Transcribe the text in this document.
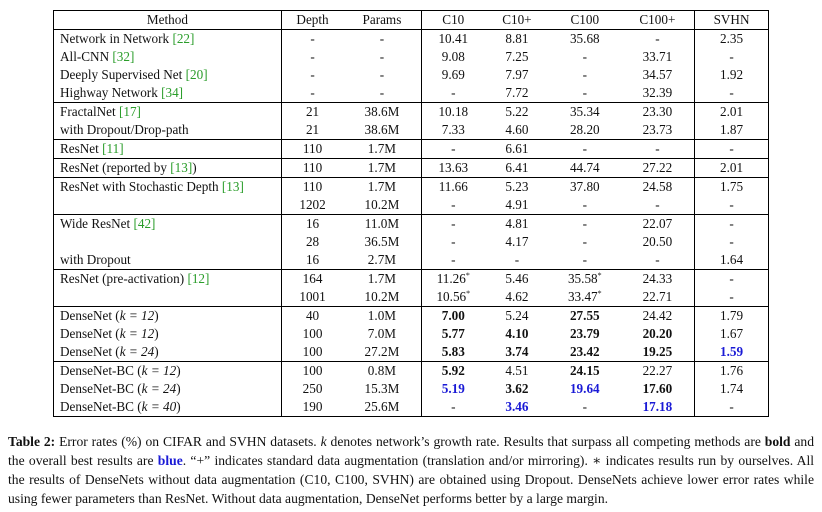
Method	Depth	Params	C10	C10+	C100	C100+	SVHN
Network in Network [22]	-	-	10.41	8.81	35.68	-	2.35
All-CNN [32]	-	-	9.08	7.25	-	33.71	-
Deeply Supervised Net [20]	-	-	9.69	7.97	-	34.57	1.92
Highway Network [34]	-	-	-	7.72	-	32.39	-
FractalNet [17]	21	38.6M	10.18	5.22	35.34	23.30	2.01
with Dropout/Drop-path	21	38.6M	7.33	4.60	28.20	23.73	1.87
ResNet [11]	110	1.7M	-	6.61	-	-	-
ResNet (reported by [13])	110	1.7M	13.63	6.41	44.74	27.22	2.01
ResNet with Stochastic Depth [13]	110	1.7M	11.66	5.23	37.80	24.58	1.75
	1202	10.2M	-	4.91	-	-	-
Wide ResNet [42]	16	11.0M	-	4.81	-	22.07	-
	28	36.5M	-	4.17	-	20.50	-
with Dropout	16	2.7M	-	-	-	-	1.64
ResNet (pre-activation) [12]	164	1.7M	11.26*	5.46	35.58*	24.33	-
	1001	10.2M	10.56*	4.62	33.47*	22.71	-
DenseNet (k = 12)	40	1.0M	7.00	5.24	27.55	24.42	1.79
DenseNet (k = 12)	100	7.0M	5.77	4.10	23.79	20.20	1.67
DenseNet (k = 24)	100	27.2M	5.83	3.74	23.42	19.25	1.59
DenseNet-BC (k = 12)	100	0.8M	5.92	4.51	24.15	22.27	1.76
DenseNet-BC (k = 24)	250	15.3M	5.19	3.62	19.64	17.60	1.74
DenseNet-BC (k = 40)	190	25.6M	-	3.46	-	17.18	-
Table 2: Error rates (%) on CIFAR and SVHN datasets. k denotes network’s growth rate. Results that surpass all competing methods are bold and the overall best results are blue. “+” indicates standard data augmentation (translation and/or mirroring). ∗ indicates results run by ourselves. All the results of DenseNets without data augmentation (C10, C100, SVHN) are obtained using Dropout. DenseNets achieve lower error rates while using fewer parameters than ResNet. Without data augmentation, DenseNet performs better by a large margin.
